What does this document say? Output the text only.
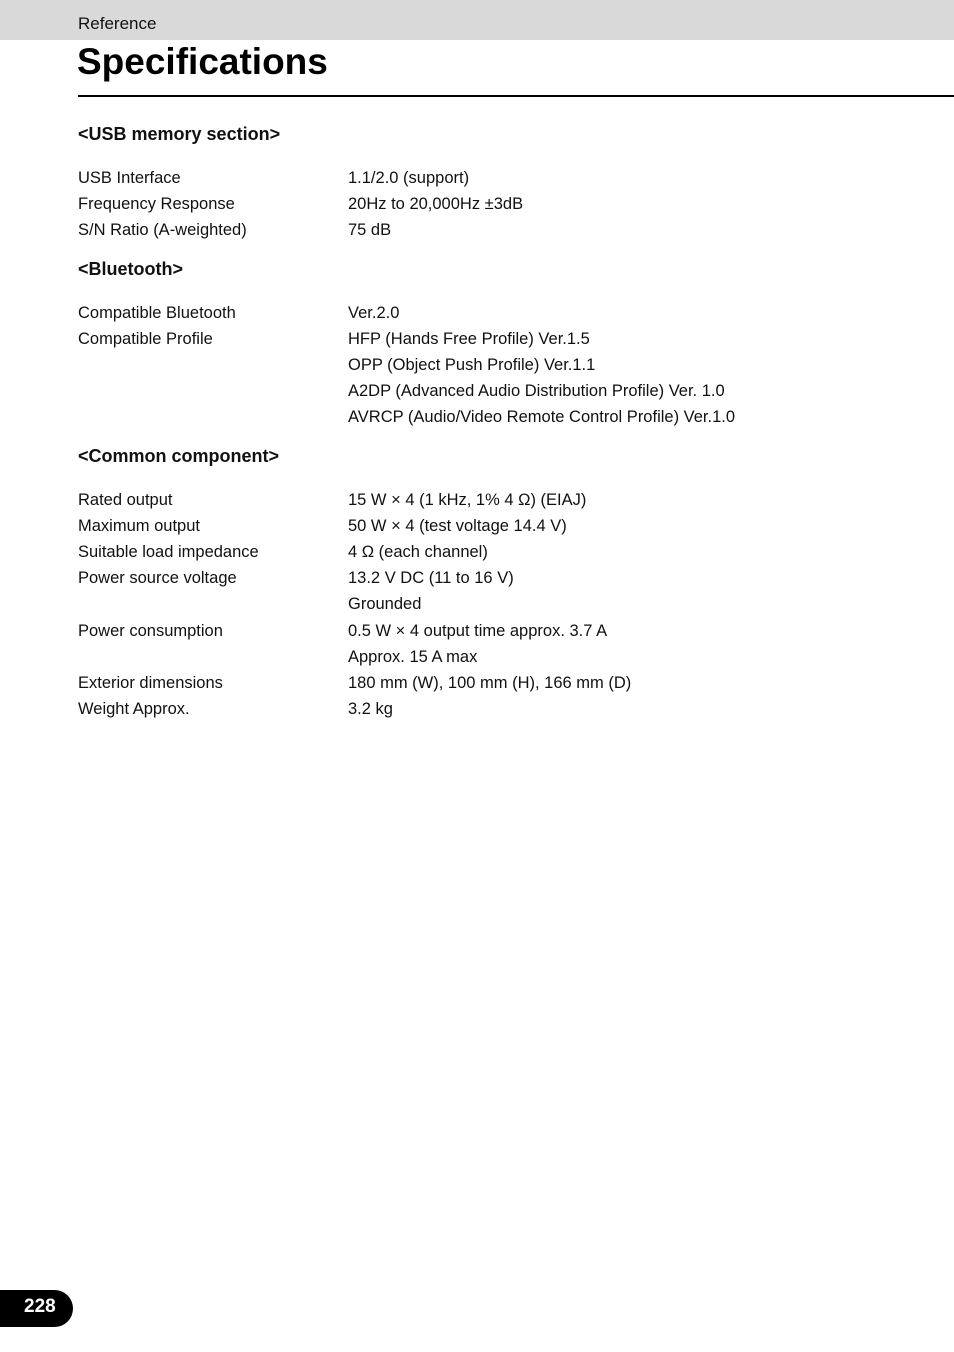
Reference
Specifications
<USB memory section>
USB Interface	1.1/2.0 (support)
Frequency Response	20Hz to 20,000Hz ±3dB
S/N Ratio (A-weighted)	75 dB
<Bluetooth>
Compatible Bluetooth	Ver.2.0
Compatible Profile	HFP (Hands Free Profile) Ver.1.5
OPP (Object Push Profile) Ver.1.1
A2DP (Advanced Audio Distribution Profile) Ver. 1.0
AVRCP (Audio/Video Remote Control Profile) Ver.1.0
<Common component>
Rated output	15 W × 4 (1 kHz, 1% 4 Ω) (EIAJ)
Maximum output	50 W × 4 (test voltage 14.4 V)
Suitable load impedance	4 Ω (each channel)
Power source voltage	13.2 V DC (11 to 16 V)
Grounded
Power consumption	0.5 W × 4 output time approx. 3.7 A
Approx. 15 A max
Exterior dimensions	180 mm (W), 100 mm (H), 166 mm (D)
Weight Approx.	3.2 kg
228
